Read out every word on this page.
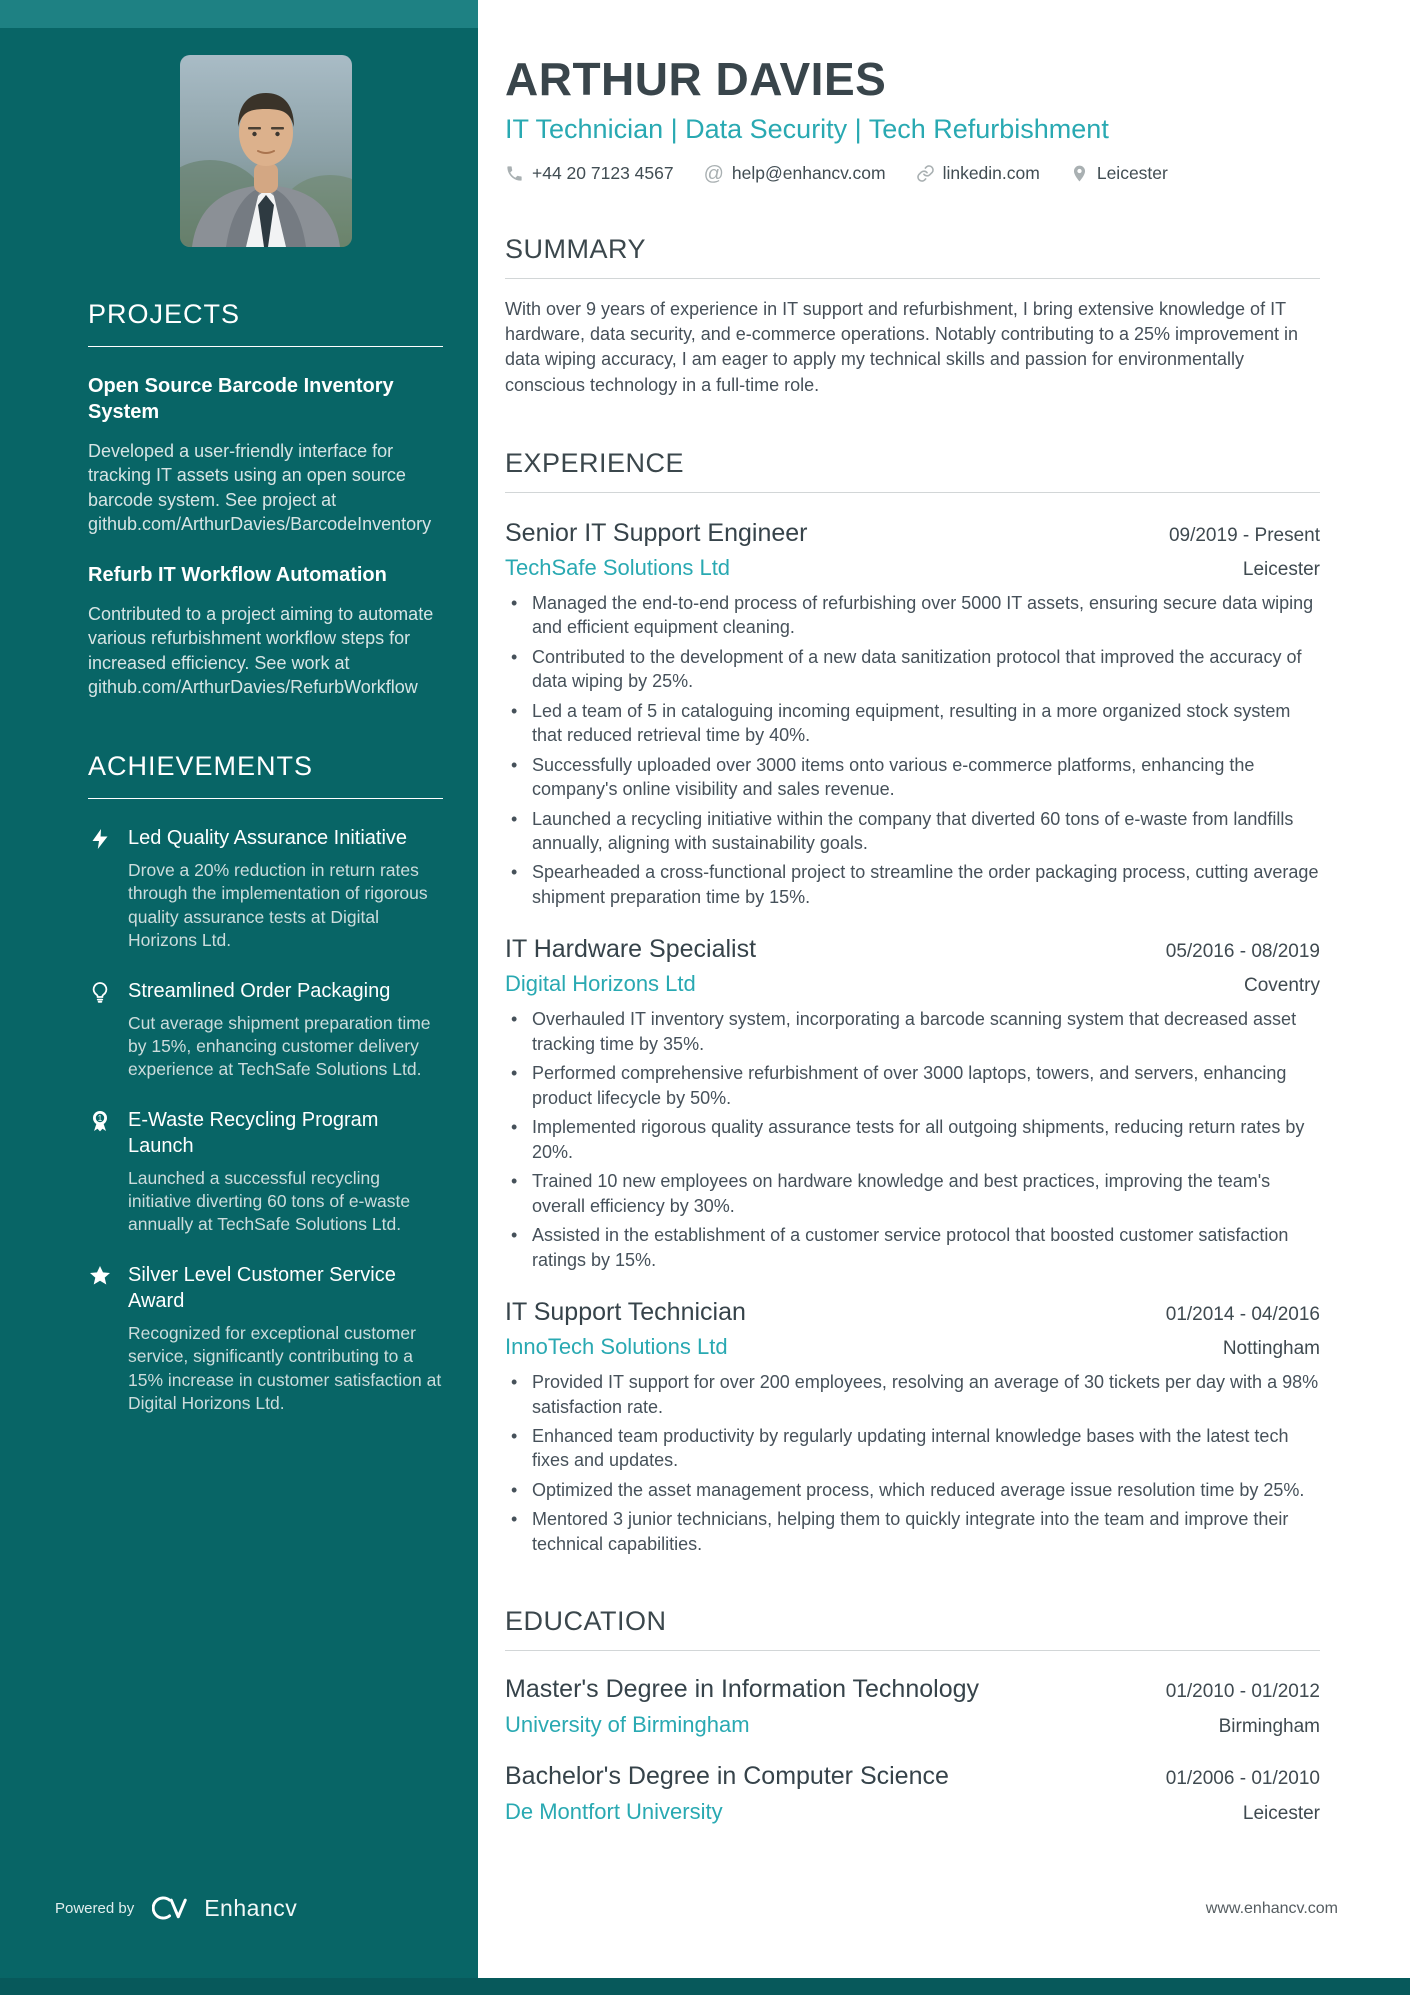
PROJECTS
Open Source Barcode Inventory System
Developed a user-friendly interface for tracking IT assets using an open source barcode system. See project at github.com/ArthurDavies/BarcodeInventory
Refurb IT Workflow Automation
Contributed to a project aiming to automate various refurbishment workflow steps for increased efficiency. See work at github.com/ArthurDavies/RefurbWorkflow
ACHIEVEMENTS
Led Quality Assurance Initiative
Drove a 20% reduction in return rates through the implementation of rigorous quality assurance tests at Digital Horizons Ltd.
Streamlined Order Packaging
Cut average shipment preparation time by 15%, enhancing customer delivery experience at TechSafe Solutions Ltd.
1 E-Waste Recycling Program Launch
Launched a successful recycling initiative diverting 60 tons of e-waste annually at TechSafe Solutions Ltd.
Silver Level Customer Service Award
Recognized for exceptional customer service, significantly contributing to a 15% increase in customer satisfaction at Digital Horizons Ltd.
ARTHUR DAVIES
IT Technician | Data Security | Tech Refurbishment
+44 20 7123 4567 @ help@enhancv.com	linkedin.com	Leicester
SUMMARY

With over 9 years of experience in IT support and refurbishment, I bring extensive knowledge of IT hardware, data security, and e-commerce operations. Notably contributing to a 25% improvement in data wiping accuracy, I am eager to apply my technical skills and passion for environmentally conscious technology in a full-time role.

EXPERIENCE
Senior IT Support Engineer	09/2019 - Present
TechSafe Solutions Ltd	Leicester
• Managed the end-to-end process of refurbishing over 5000 IT assets, ensuring secure data wiping and efficient equipment cleaning.
• Contributed to the development of a new data sanitization protocol that improved the accuracy of data wiping by 25%.
• Led a team of 5 in cataloguing incoming equipment, resulting in a more organized stock system that reduced retrieval time by 40%.
• Successfully uploaded over 3000 items onto various e-commerce platforms, enhancing the company's online visibility and sales revenue.
• Launched a recycling initiative within the company that diverted 60 tons of e-waste from landfills annually, aligning with sustainability goals.
• Spearheaded a cross-functional project to streamline the order packaging process, cutting average shipment preparation time by 15%.
IT Hardware Specialist	05/2016 - 08/2019
Digital Horizons Ltd	Coventry
• Overhauled IT inventory system, incorporating a barcode scanning system that decreased asset tracking time by 35%.
• Performed comprehensive refurbishment of over 3000 laptops, towers, and servers, enhancing product lifecycle by 50%.
• Implemented rigorous quality assurance tests for all outgoing shipments, reducing return rates by 20%.
• Trained 10 new employees on hardware knowledge and best practices, improving the team's overall efficiency by 30%.
• Assisted in the establishment of a customer service protocol that boosted customer satisfaction ratings by 15%.
IT Support Technician	01/2014 - 04/2016
InnoTech Solutions Ltd	Nottingham
• Provided IT support for over 200 employees, resolving an average of 30 tickets per day with a 98% satisfaction rate.
• Enhanced team productivity by regularly updating internal knowledge bases with the latest tech fixes and updates.
• Optimized the asset management process, which reduced average issue resolution time by 25%.
• Mentored 3 junior technicians, helping them to quickly integrate into the team and improve their technical capabilities.
EDUCATION
Master's Degree in Information Technology	01/2010 - 01/2012
University of Birmingham	Birmingham
Bachelor's Degree in Computer Science	01/2006 - 01/2010
De Montfort University	Leicester
Powered by	Enhancv	www.enhancv.com
